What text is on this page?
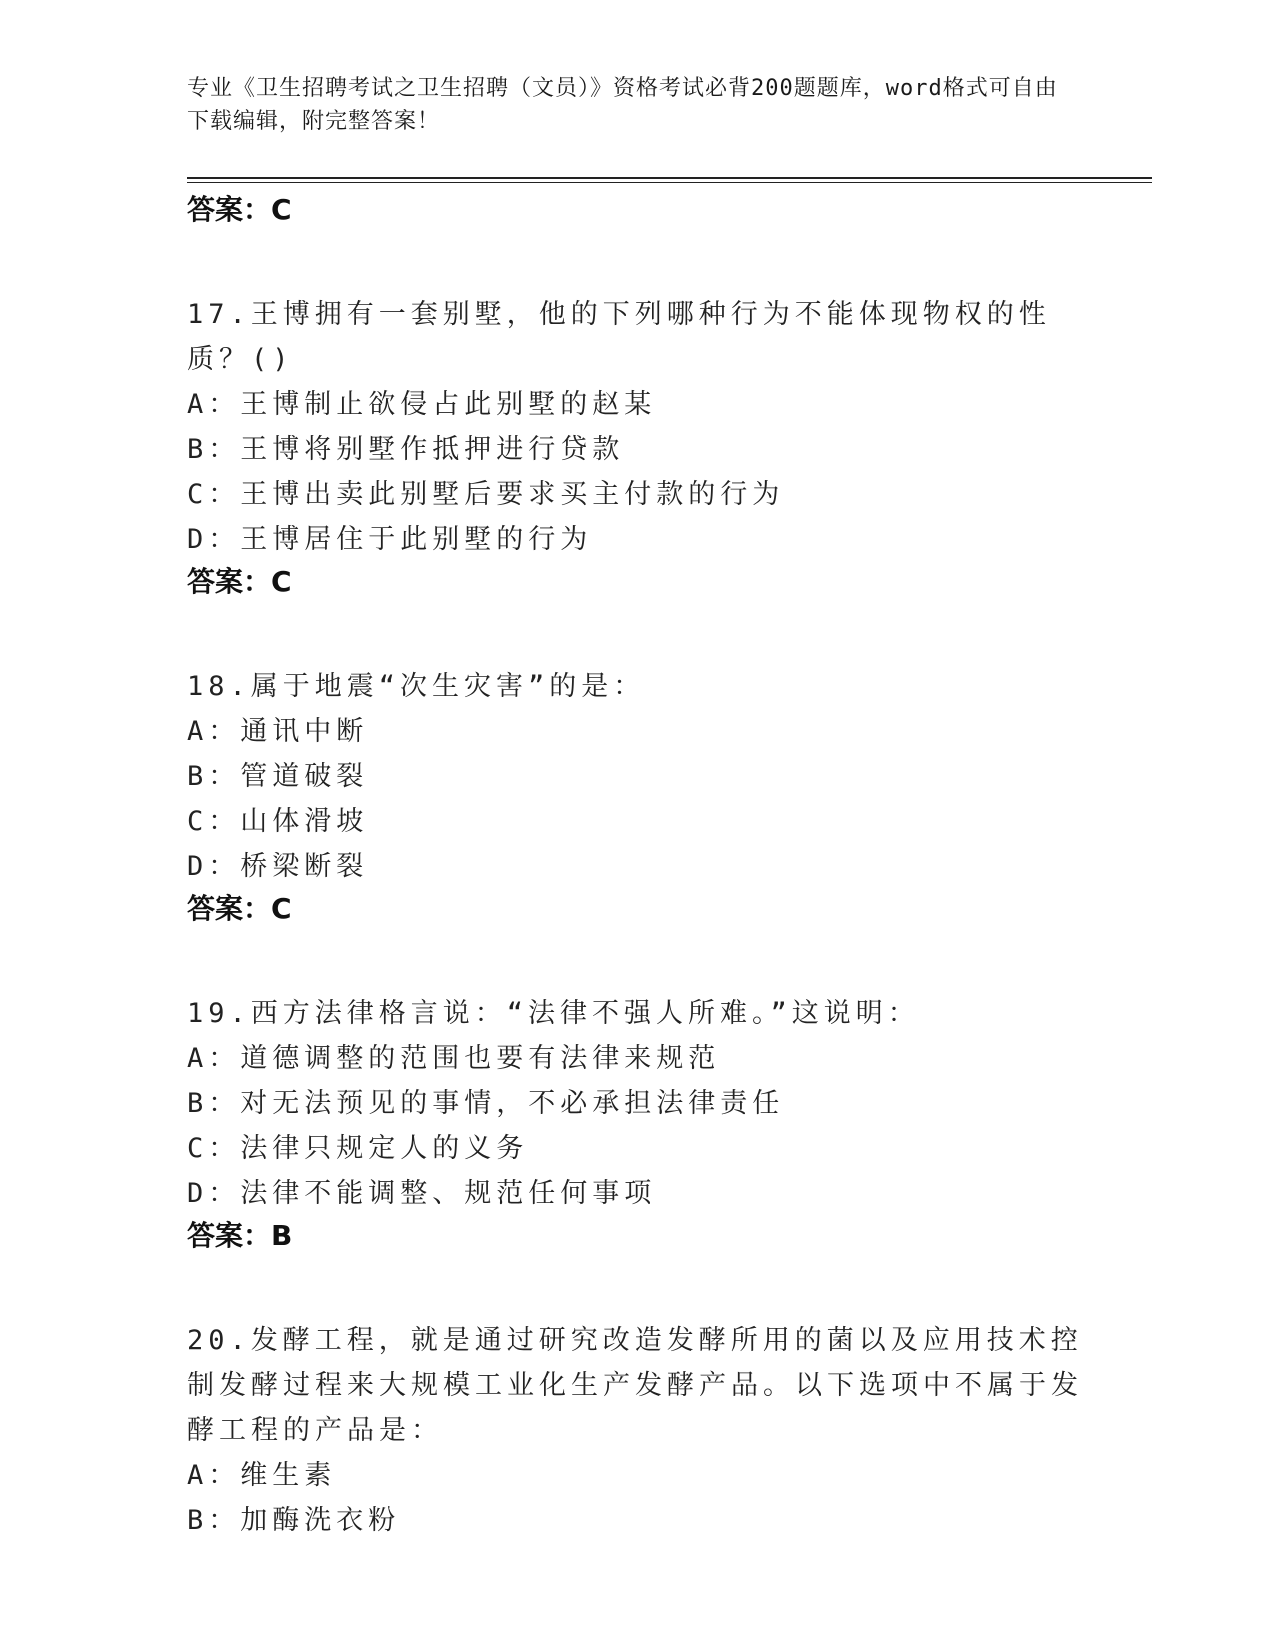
专业《卫生招聘考试之卫生招聘（文员）》资格考试必背200题题库，word格式可自由下载编辑，附完整答案！
答案：C
17.王博拥有一套别墅，他的下列哪种行为不能体现物权的性质？()
A：王博制止欲侵占此别墅的赵某
B：王博将别墅作抵押进行贷款
C：王博出卖此别墅后要求买主付款的行为
D：王博居住于此别墅的行为
答案：C
18.属于地震“次生灾害”的是：
A：通讯中断
B：管道破裂
C：山体滑坡
D：桥梁断裂
答案：C
19.西方法律格言说：“法律不强人所难。”这说明：
A：道德调整的范围也要有法律来规范
B：对无法预见的事情，不必承担法律责任
C：法律只规定人的义务
D：法律不能调整、规范任何事项
答案：B
20.发酵工程，就是通过研究改造发酵所用的菌以及应用技术控制发酵过程来大规模工业化生产发酵产品。以下选项中不属于发酵工程的产品是：
A：维生素
B：加酶洗衣粉
